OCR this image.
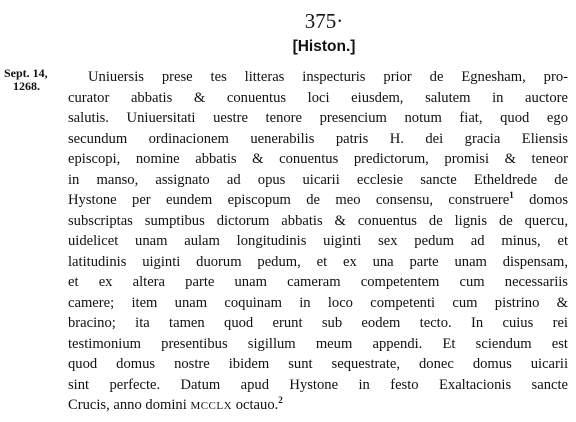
375·
[Histon.]
Sept. 14,
1268.
Uniuersis prese tes litteras inspecturis prior de Egnesham, pro-
curator abbatis & conuentus loci eiusdem, salutem in auctore
salutis. Uniuersitati uestre tenore presencium notum fiat, quod ego
secundum ordinacionem uenerabilis patris H. dei gracia Eliensis
episcopi, nomine abbatis & conuentus predictorum, promisi & teneor
in manso, assignato ad opus uicarii ecclesie sancte Etheldrede de
Hystone per eundem episcopum de meo consensu, construere$^1$ domos
subscriptas sumptibus dictorum abbatis & conuentus de lignis de quercu,
uidelicet unam aulam longitudinis uiginti sex pedum ad minus, et
latitudinis uiginti duorum pedum, et ex una parte unam dispensam,
et ex altera parte unam cameram competentem cum necessariis
camere; item unam coquinam in loco competenti cum pistrino &
bracino; ita tamen quod erunt sub eodem tecto. In cuius rei
testimonium presentibus sigillum meum appendi. Et sciendum est
quod domus nostre ibidem sunt sequestrate, donec domus uicarii
sint perfecte. Datum apud Hystone in festo Exaltacionis sancte
Crucis, anno domini MCCLX octauo.$^2$
